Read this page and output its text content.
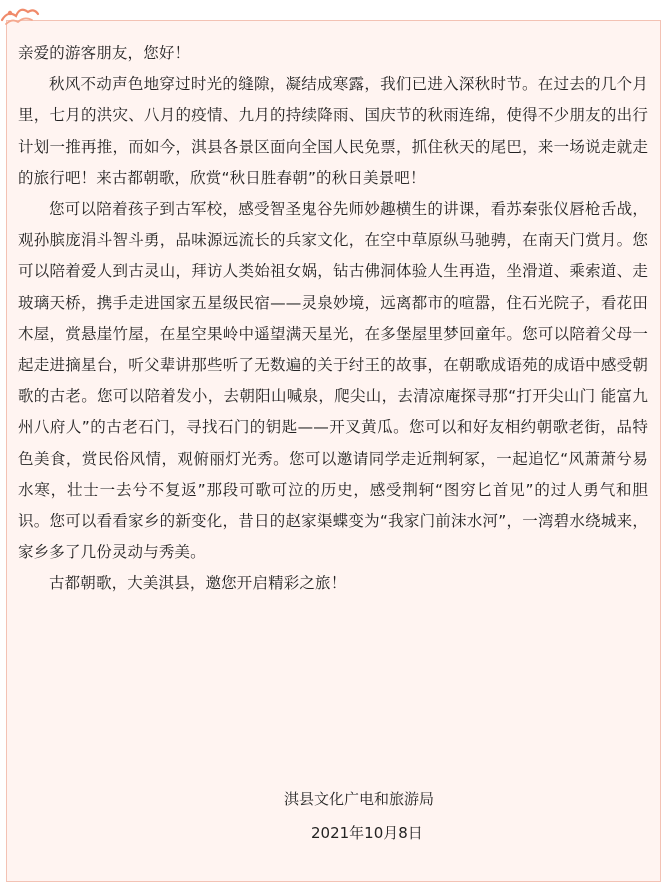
亲爱的游客朋友，您好！

秋风不动声色地穿过时光的缝隙，凝结成寒露，我们已进入深秋时节。在过去的几个月里，七月的洪灾、八月的疫情、九月的持续降雨、国庆节的秋雨连绵，使得不少朋友的出行计划一推再推，而如今，淇县各景区面向全国人民免票，抓住秋天的尾巴，来一场说走就走的旅行吧！来古都朝歌，欣赏“秋日胜春朝”的秋日美景吧！

您可以陪着孩子到古军校，感受智圣鬼谷先师妙趣横生的讲课，看苏秦张仪唇枪舌战，观孙膑庞涓斗智斗勇，品味源远流长的兵家文化，在空中草原纵马驰骋，在南天门赏月。您可以陪着爱人到古灵山，拜访人类始祖女娲，钻古佛洞体验人生再造，坐滑道、乘索道、走玻璃天桥，携手走进国家五星级民宿——灵泉妙境，远离都市的喧嚣，住石光院子，看花田木屋，赏悬崖竹屋，在星空果岭中遥望满天星光，在多堡屋里梦回童年。您可以陪着父母一起走进摘星台，听父辈讲那些听了无数遍的关于纣王的故事，在朝歌成语苑的成语中感受朝歌的古老。您可以陪着发小，去朝阳山喊泉，爬尖山，去清凉庵探寻那“打开尖山门 能富九州八府人”的古老石门，寻找石门的钥匙——开叉黄瓜。您可以和好友相约朝歌老街，品特色美食，赏民俗风情，观俯丽灯光秀。您可以邀请同学走近荆轲冢，一起追忆“风萧萧兮易水寒，壮士一去兮不复返”那段可歌可泣的历史，感受荆轲“图穷匕首见”的过人勇气和胆识。您可以看看家乡的新变化，昔日的赵家渠蝶变为“我家门前沫水河”，一湾碧水绕城来，家乡多了几份灵动与秀美。

古都朝歌，大美淇县，邀您开启精彩之旅！

淇县文化广电和旅游局
2021年10月8日
